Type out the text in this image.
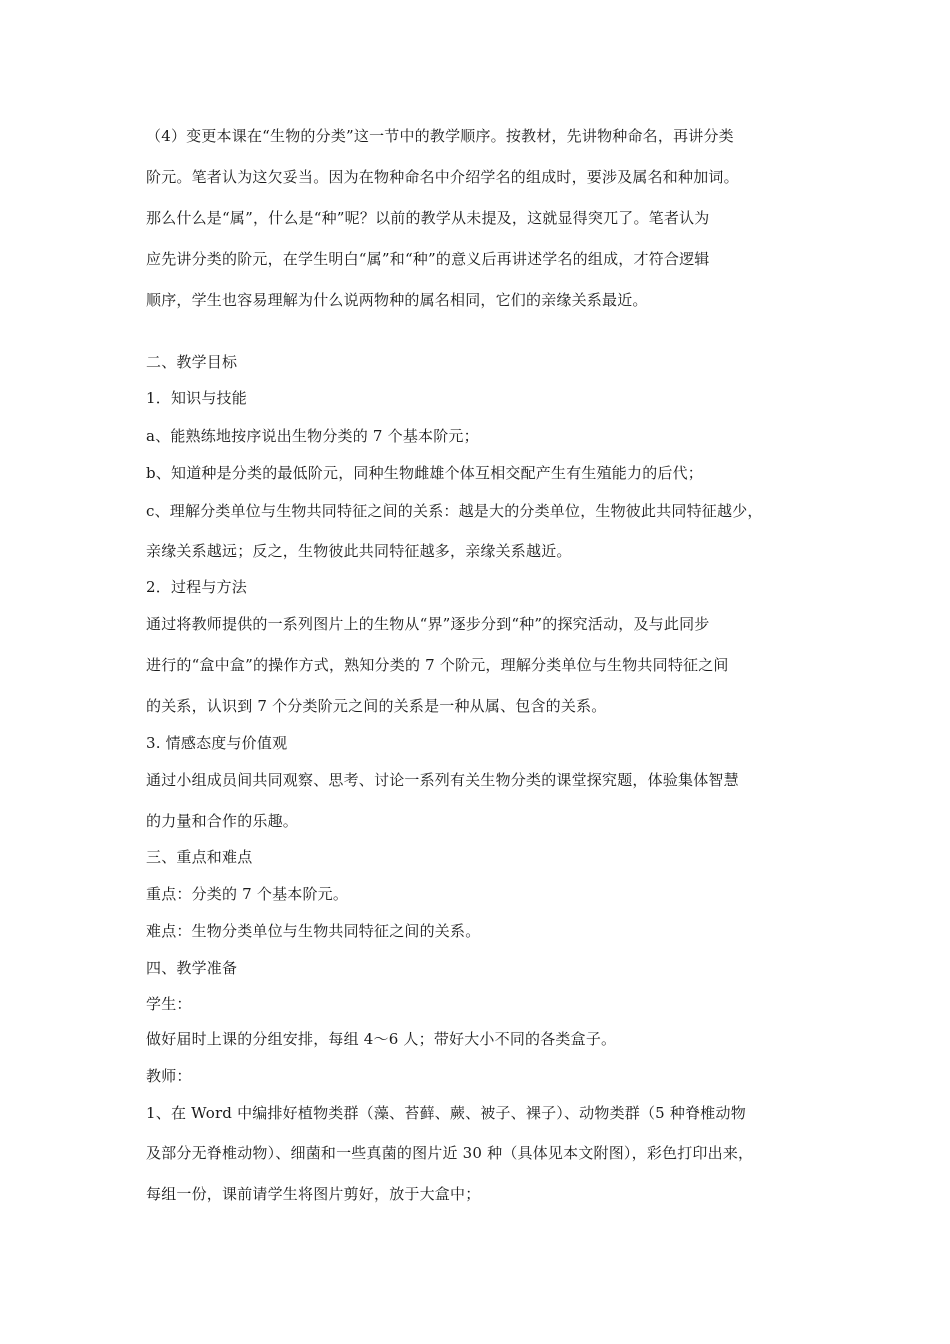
（4）变更本课在“生物的分类”这一节中的教学顺序。按教材，先讲物种命名，再讲分类
阶元。笔者认为这欠妥当。因为在物种命名中介绍学名的组成时，要涉及属名和种加词。
那么什么是“属”，什么是“种”呢？以前的教学从未提及，这就显得突兀了。笔者认为
应先讲分类的阶元，在学生明白“属”和“种”的意义后再讲述学名的组成，才符合逻辑
顺序，学生也容易理解为什么说两物种的属名相同，它们的亲缘关系最近。
二、教学目标
1．知识与技能
a、能熟练地按序说出生物分类的 7 个基本阶元；
b、知道种是分类的最低阶元，同种生物雌雄个体互相交配产生有生殖能力的后代；
c、理解分类单位与生物共同特征之间的关系：越是大的分类单位，生物彼此共同特征越少，
亲缘关系越远；反之，生物彼此共同特征越多，亲缘关系越近。
2．过程与方法
通过将教师提供的一系列图片上的生物从“界”逐步分到“种”的探究活动，及与此同步
进行的“盒中盒”的操作方式，熟知分类的 7 个阶元，理解分类单位与生物共同特征之间
的关系，认识到 7 个分类阶元之间的关系是一种从属、包含的关系。
3. 情感态度与价值观
通过小组成员间共同观察、思考、讨论一系列有关生物分类的课堂探究题，体验集体智慧
的力量和合作的乐趣。
三、重点和难点
重点：分类的 7 个基本阶元。
难点：生物分类单位与生物共同特征之间的关系。
四、教学准备
学生：
做好届时上课的分组安排，每组 4～6 人；带好大小不同的各类盒子。
教师：
1、在 Word 中编排好植物类群（藻、苔藓、蕨、被子、裸子）、动物类群（5 种脊椎动物
及部分无脊椎动物）、细菌和一些真菌的图片近 30 种（具体见本文附图），彩色打印出来，
每组一份，课前请学生将图片剪好，放于大盒中；
